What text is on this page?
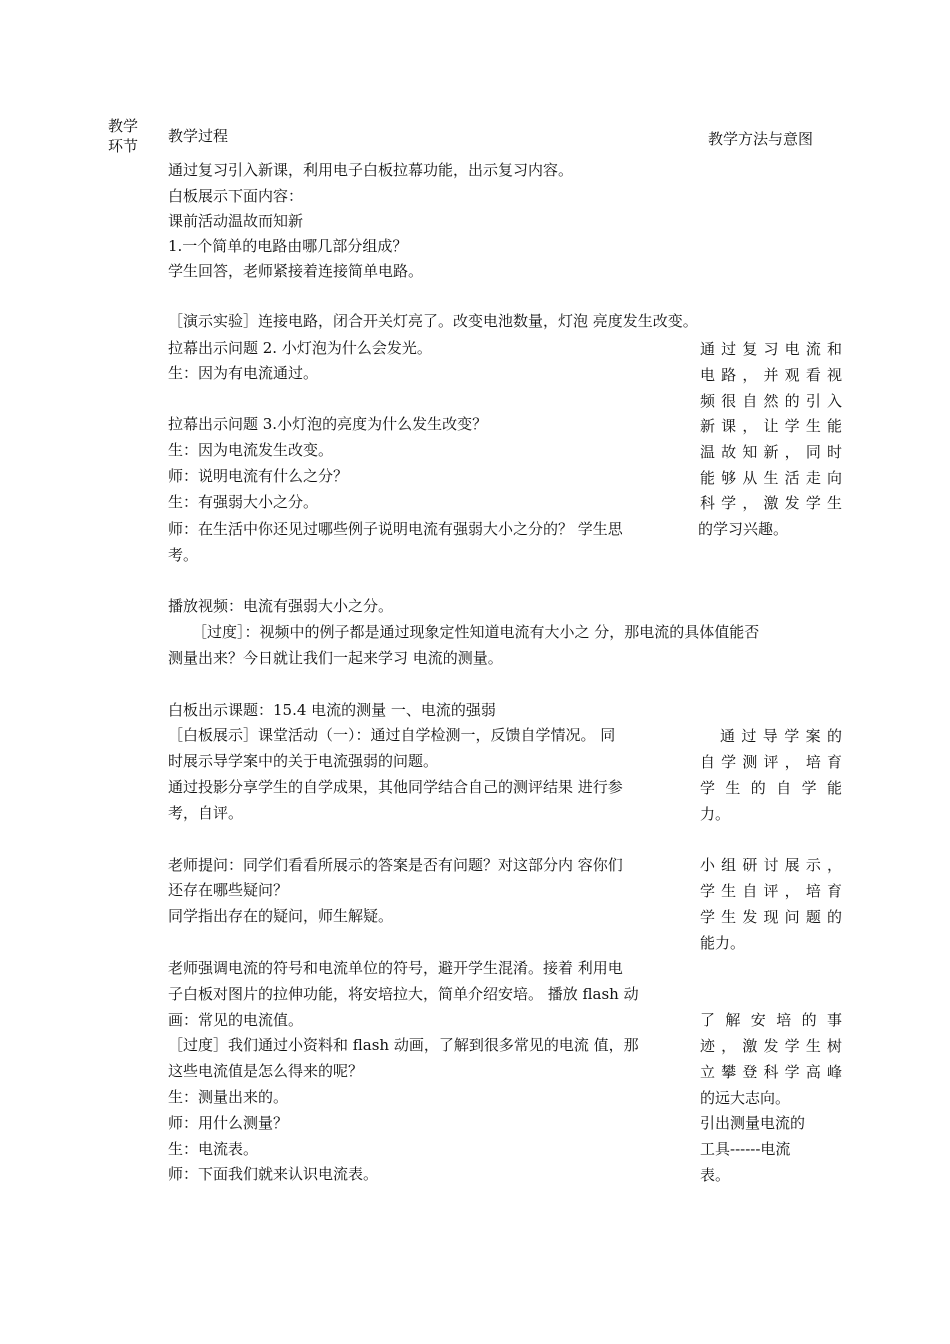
教学环节
教学过程	教学方法与意图
通过复习引入新课，利用电子白板拉幕功能，出示复习内容。
白板展示下面内容：
课前活动温故而知新
1.一个简单的电路由哪几部分组成？
学生回答，老师紧接着连接简单电路。
［演示实验］连接电路，闭合开关灯亮了。改变电池数量，灯泡 亮度发生改变。
拉幕出示问题 2. 小灯泡为什么会发光。
生：因为有电流通过。
拉幕出示问题 3.小灯泡的亮度为什么发生改变？
生：因为电流发生改变。
师：说明电流有什么之分？
生：有强弱大小之分。
师：在生活中你还见过哪些例子说明电流有强弱大小之分的？ 学生思
考。
播放视频：电流有强弱大小之分。
［过度］：视频中的例子都是通过现象定性知道电流有大小之 分，那电流的具体值能否
测量出来？今日就让我们一起来学习 电流的测量。
白板出示课题：15.4 电流的测量 一、电流的强弱
［白板展示］课堂活动（一）：通过自学检测一，反馈自学情况。 同
时展示导学案中的关于电流强弱的问题。
通过投影分享学生的自学成果，其他同学结合自己的测评结果 进行参
考，自评。
老师提问：同学们看看所展示的答案是否有问题？对这部分内 容你们
还存在哪些疑问？
同学指出存在的疑问，师生解疑。
老师强调电流的符号和电流单位的符号，避开学生混淆。接着 利用电
子白板对图片的拉伸功能，将安培拉大，简单介绍安培。 播放 flash 动
画：常见的电流值。
［过度］我们通过小资料和 flash 动画，了解到很多常见的电流 值，那
这些电流值是怎么得来的呢？
生：测量出来的。
师：用什么测量？
生：电流表。
师：下面我们就来认识电流表。
通过复习电流和
电路，并观看视
频很自然的引入
新课，让学生能
温故知新，同时
能够从生活走向
科学，激发学生
的学习兴趣。
通过导学案的
自学测评，培育
学生的自学能
力。
小组研讨展示，
学生自评，培育
学生发现问题的
能力。
了解安培的事
迹，激发学生树
立攀登科学高峰
的远大志向。
引出测量电流的
工具------电流
表。
